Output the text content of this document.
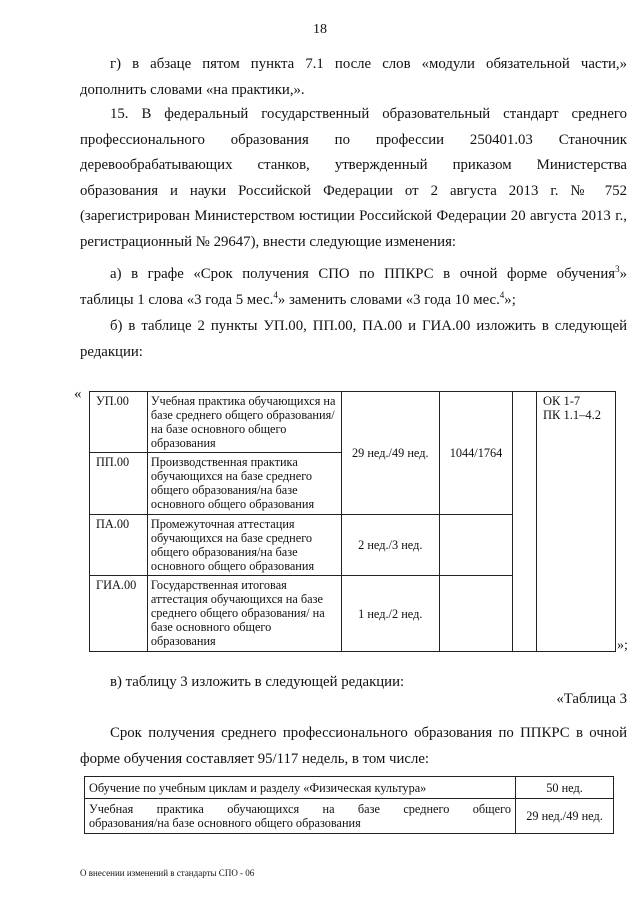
18
г) в абзаце пятом пункта 7.1 после слов «модули обязательной части,»
дополнить словами «на практики,».
15. В федеральный государственный образовательный стандарт среднего
профессионального образования по профессии 250401.03 Станочник
деревообрабатывающих станков, утвержденный приказом Министерства
образования и науки Российской Федерации от 2 августа 2013 г. № 752
(зарегистрирован Министерством юстиции Российской Федерации 20 августа 2013 г.,
регистрационный № 29647), внести следующие изменения:
а) в графе «Срок получения СПО по ППКРС в очной форме обучения$^3$»
таблицы 1 слова «3 года 5 мес.$^4$» заменить словами «3 года 10 мес.$^4$»;
б) в таблице 2 пункты УП.00, ПП.00, ПА.00 и ГИА.00 изложить в следующей
редакции:
« УП.00	Учебная практика обучающихся на базе среднего общего образования/на базе основного общего образования	29 нед./49 нед.	1044/1764		ОК 1-7
ПК 1.1–4.2

ПП.00	Производственная практика обучающихся на базе среднего общего образования/на базе основного общего образования				
ПА.00	Промежуточная аттестация обучающихся на базе среднего общего образования/на базе основного общего образования	2 нед./3 нед.			
ГИА.00	Государственная итоговая аттестация обучающихся на базе среднего общего образования/ на базе основного общего образования	1 нед./2 нед.			
»;
в) таблицу 3 изложить в следующей редакции:
«Таблица 3
Срок получения среднего профессионального образования по ППКРС в очной
форме обучения составляет 95/117 недель, в том числе:
Обучение по учебным циклам и разделу «Физическая культура»	50 нед.

Учебная практика обучающихся на базе среднего общего
образования/на базе основного общего образования	29 нед./49 нед.
О внесении изменений в стандарты СПО - 06
